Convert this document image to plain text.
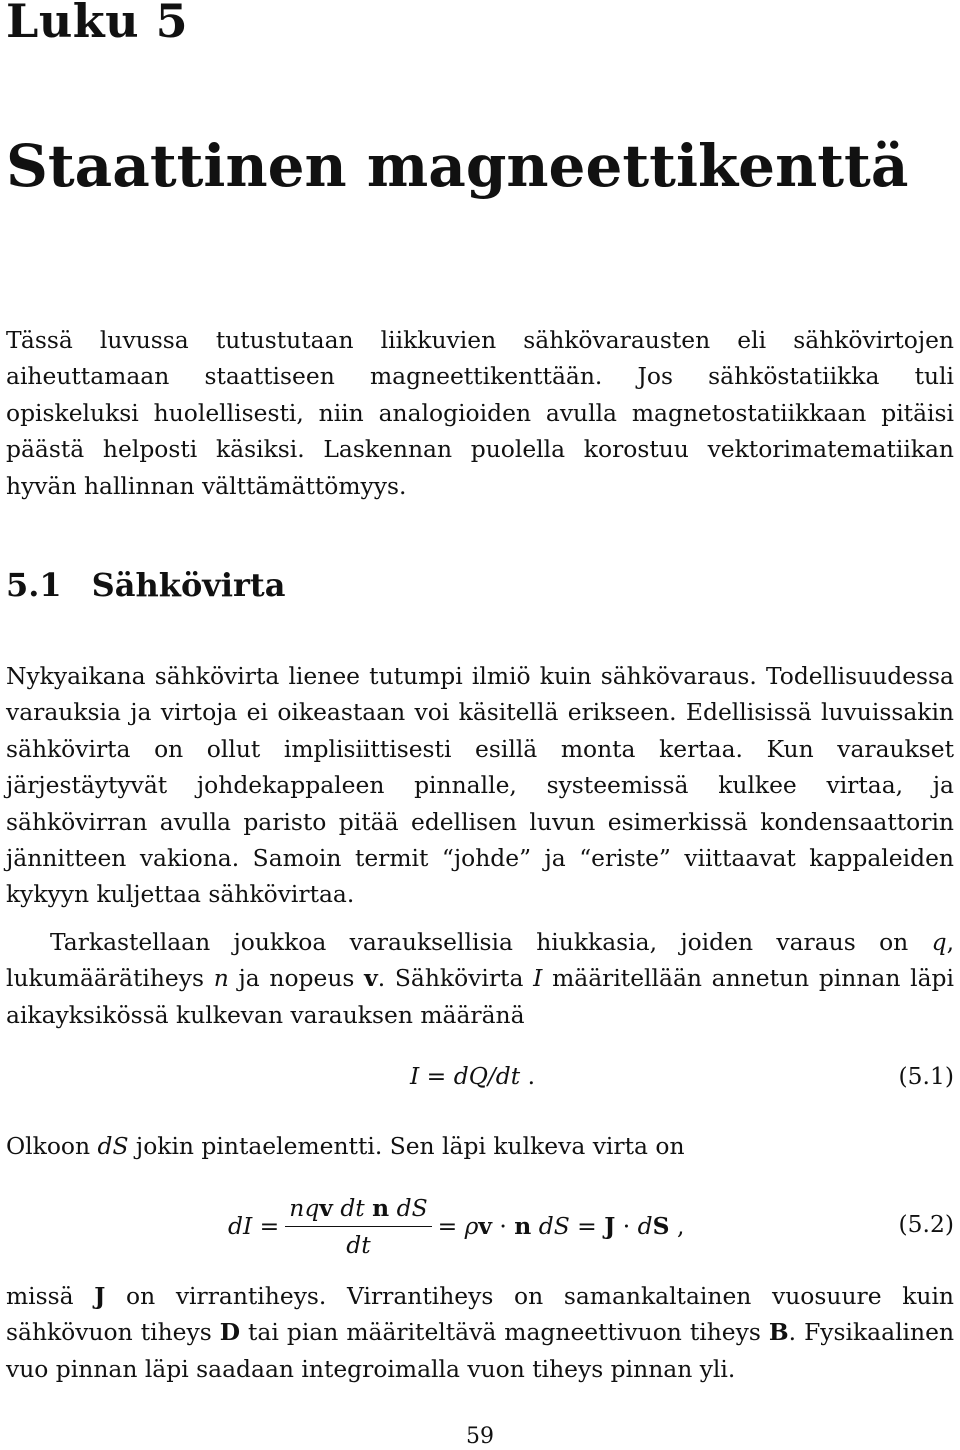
Luku 5
Staattinen magneettikenttä
Tässä luvussa tutustutaan liikkuvien sähkövarausten eli sähkövirtojen aiheuttamaan staattiseen magneettikenttään. Jos sähköstatiikka tuli opiskeluksi huolellisesti, niin analogioiden avulla magnetostatiikkaan pitäisi päästä helposti käsiksi. Laskennan puolella korostuu vektorimatematiikan hyvän hallinnan välttämättömyys.
5.1 Sähkövirta
Nykyaikana sähkövirta lienee tutumpi ilmiö kuin sähkövaraus. Todellisuudessa varauksia ja virtoja ei oikeastaan voi käsitellä erikseen. Edellisissä luvuissakin sähkövirta on ollut implisiittisesti esillä monta kertaa. Kun varaukset järjestäytyvät johdekappaleen pinnalle, systeemissä kulkee virtaa, ja sähkövirran avulla paristo pitää edellisen luvun esimerkissä kondensaattorin jännitteen vakiona. Samoin termit “johde” ja “eriste” viittaavat kappaleiden kykyyn kuljettaa sähkövirtaa.
Tarkastellaan joukkoa varauksellisia hiukkasia, joiden varaus on q, lukumäärätiheys n ja nopeus v. Sähkövirta I määritellään annetun pinnan läpi aikayksikössä kulkevan varauksen määränä
I = dQ/dt .	(5.1)
Olkoon dS jokin pintaelementti. Sen läpi kulkeva virta on
dI = $\frac{\text{nqv dt n dS}}{dt} = \rho v \cdot n$ dS = J · dS ,	(5.2)
missä J on virrantiheys. Virrantiheys on samankaltainen vuosuure kuin sähkövuon tiheys D tai pian määriteltävä magneettivuon tiheys B. Fysikaalinen vuo pinnan läpi saadaan integroimalla vuon tiheys pinnan yli.
59
